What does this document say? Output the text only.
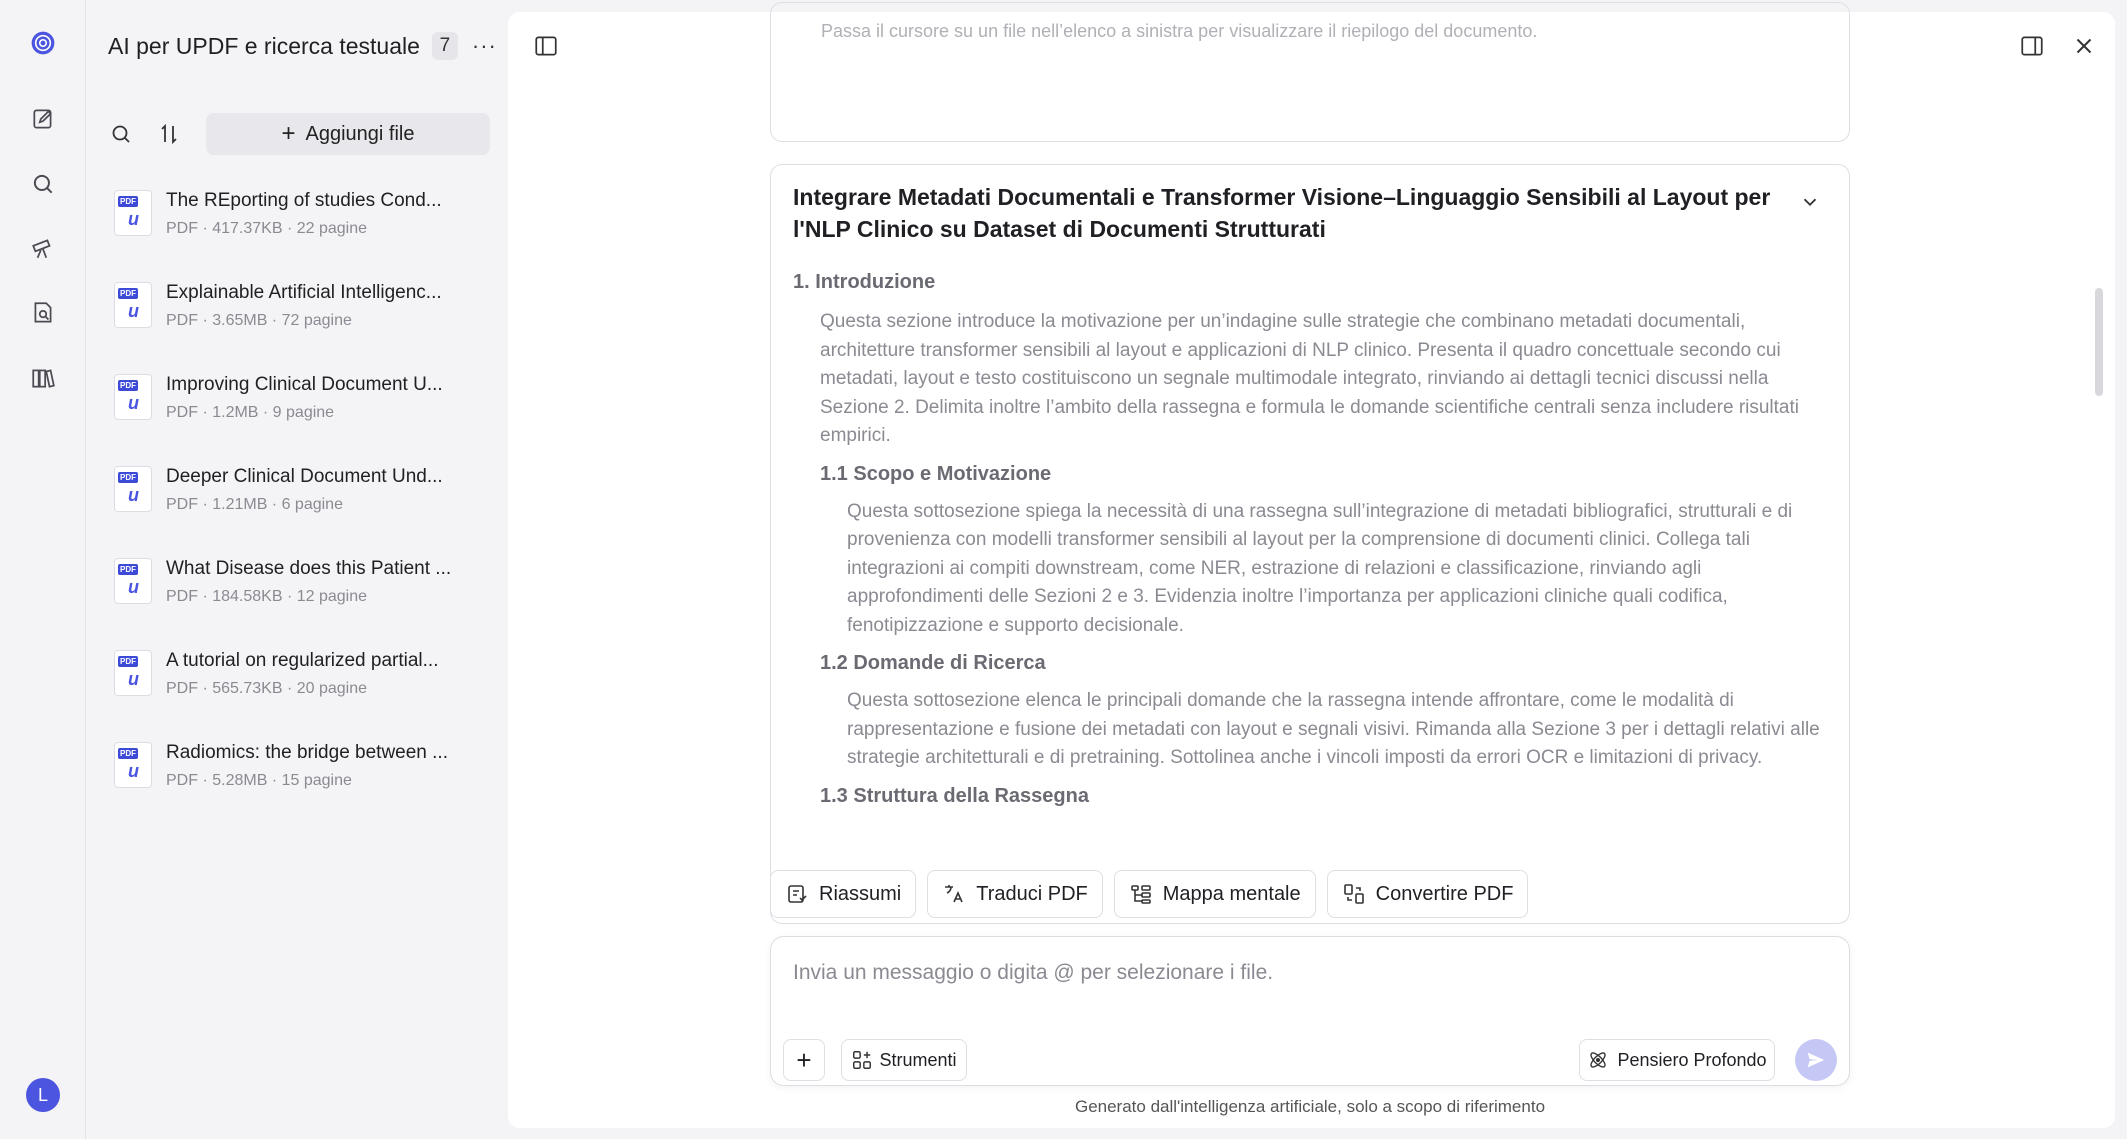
L
AI per UPDF e ricerca testuale	7 ···
+ Aggiungi file
PDF
u
The REporting of studies Cond...
PDF · 417.37KB · 22 pagine
PDF
u
Explainable Artificial Intelligenc...
PDF · 3.65MB · 72 pagine
PDF
u
Improving Clinical Document U...
PDF · 1.2MB · 9 pagine
PDF
u
Deeper Clinical Document Und...
PDF · 1.21MB · 6 pagine
PDF
u
What Disease does this Patient ...
PDF · 184.58KB · 12 pagine
PDF
u
A tutorial on regularized partial...
PDF · 565.73KB · 20 pagine
PDF
u
Radiomics: the bridge between ...
PDF · 5.28MB · 15 pagine
Passa il cursore su un file nell’elenco a sinistra per visualizzare il riepilogo del documento.
Integrare Metadati Documentali e Transformer Visione–Linguaggio Sensibili al Layout per l'NLP Clinico su Dataset di Documenti Strutturati
1. Introduzione
Questa sezione introduce la motivazione per un’indagine sulle strategie che combinano metadati documentali, architetture transformer sensibili al layout e applicazioni di NLP clinico. Presenta il quadro concettuale secondo cui metadati, layout e testo costituiscono un segnale multimodale integrato, rinviando ai dettagli tecnici discussi nella Sezione 2. Delimita inoltre l’ambito della rassegna e formula le domande scientifiche centrali senza includere risultati empirici.
1.1 Scopo e Motivazione
Questa sottosezione spiega la necessità di una rassegna sull’integrazione di metadati bibliografici, strutturali e di provenienza con modelli transformer sensibili al layout per la comprensione di documenti clinici. Collega tali integrazioni ai compiti downstream, come NER, estrazione di relazioni e classificazione, rinviando agli approfondimenti delle Sezioni 2 e 3. Evidenzia inoltre l’importanza per applicazioni cliniche quali codifica, fenotipizzazione e supporto decisionale.
1.2 Domande di Ricerca
Questa sottosezione elenca le principali domande che la rassegna intende affrontare, come le modalità di rappresentazione e fusione dei metadati con layout e segnali visivi. Rimanda alla Sezione 3 per i dettagli relativi alle strategie architetturali e di pretraining. Sottolinea anche i vincoli imposti da errori OCR e limitazioni di privacy.
1.3 Struttura della Rassegna
Riassumi	Traduci PDF	Mappa mentale	Convertire PDF
Invia un messaggio o digita @ per selezionare i file.
+	Strumenti	Pensiero Profondo
Generato dall'intelligenza artificiale, solo a scopo di riferimento
